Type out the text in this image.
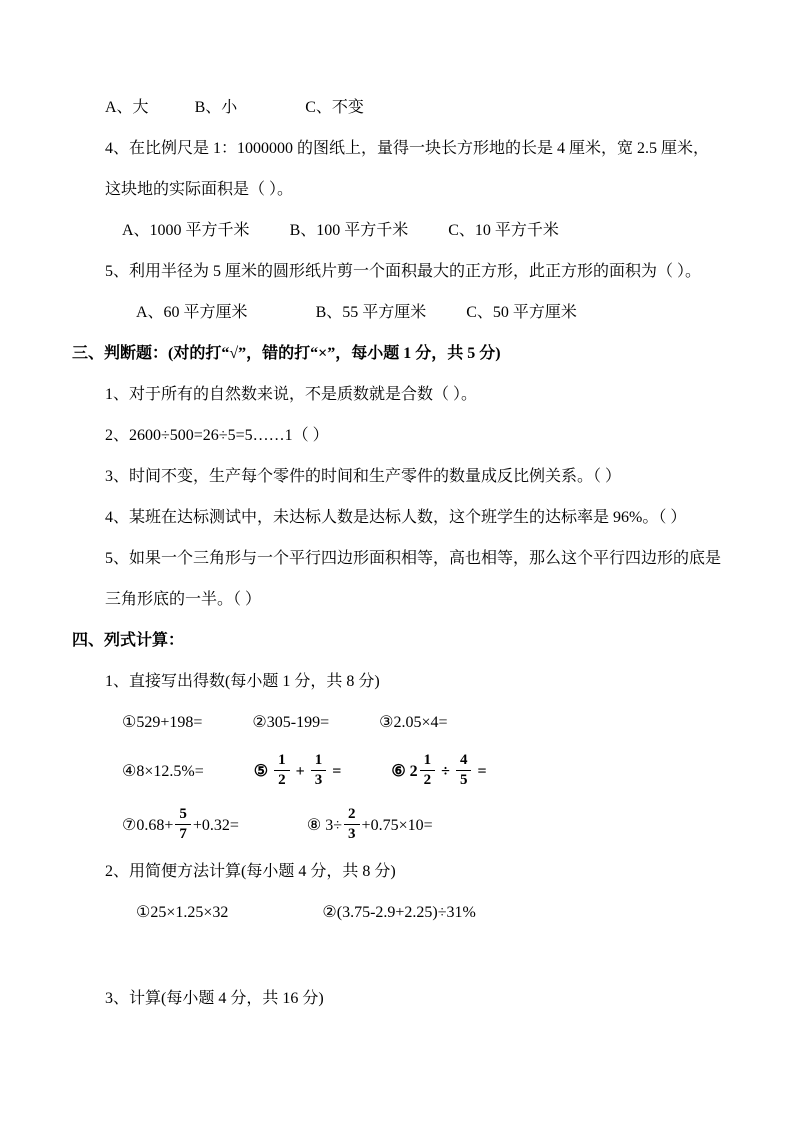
A、大	B、小	C、不变

4、在比例尺是 1：1000000 的图纸上，量得一块长方形地的长是 4 厘米，宽 2.5 厘米，

这块地的实际面积是（ ）。

A、1000 平方千米	B、100 平方千米	C、10 平方千米

5、利用半径为 5 厘米的圆形纸片剪一个面积最大的正方形，此正方形的面积为（ ）。

A、60 平方厘米	B、55 平方厘米	C、50 平方厘米

三、判断题：(对的打“√”，错的打“×”，每小题 1 分，共 5 分)

1、对于所有的自然数来说，不是质数就是合数（ ）。

2、2600÷500=26÷5=5……1（ ）

3、时间不变，生产每个零件的时间和生产零件的数量成反比例关系。（ ）

4、某班在达标测试中，未达标人数是达标人数，这个班学生的达标率是 96%。（ ）

5、如果一个三角形与一个平行四边形面积相等，高也相等，那么这个平行四边形的底是

三角形底的一半。（ ）

四、列式计算：

1、直接写出得数(每小题 1 分，共 8 分)

①529+198=	②305-199=	③2.05×4=

④8×12.5%=	⑤ $\frac{1}{2} + \frac{1}{3}$ =	⑥ $2 \frac{1}{2} \div \frac{4}{5}$ =

⑦0.68+ $\frac{5}{7} +0.32=$	⑧ $3\div \frac{2}{3} +0.75\times 10=$

2、用简便方法计算(每小题 4 分，共 8 分)

①25×1.25×32	②(3.75-2.9+2.25)÷31%

3、计算(每小题 4 分，共 16 分)
